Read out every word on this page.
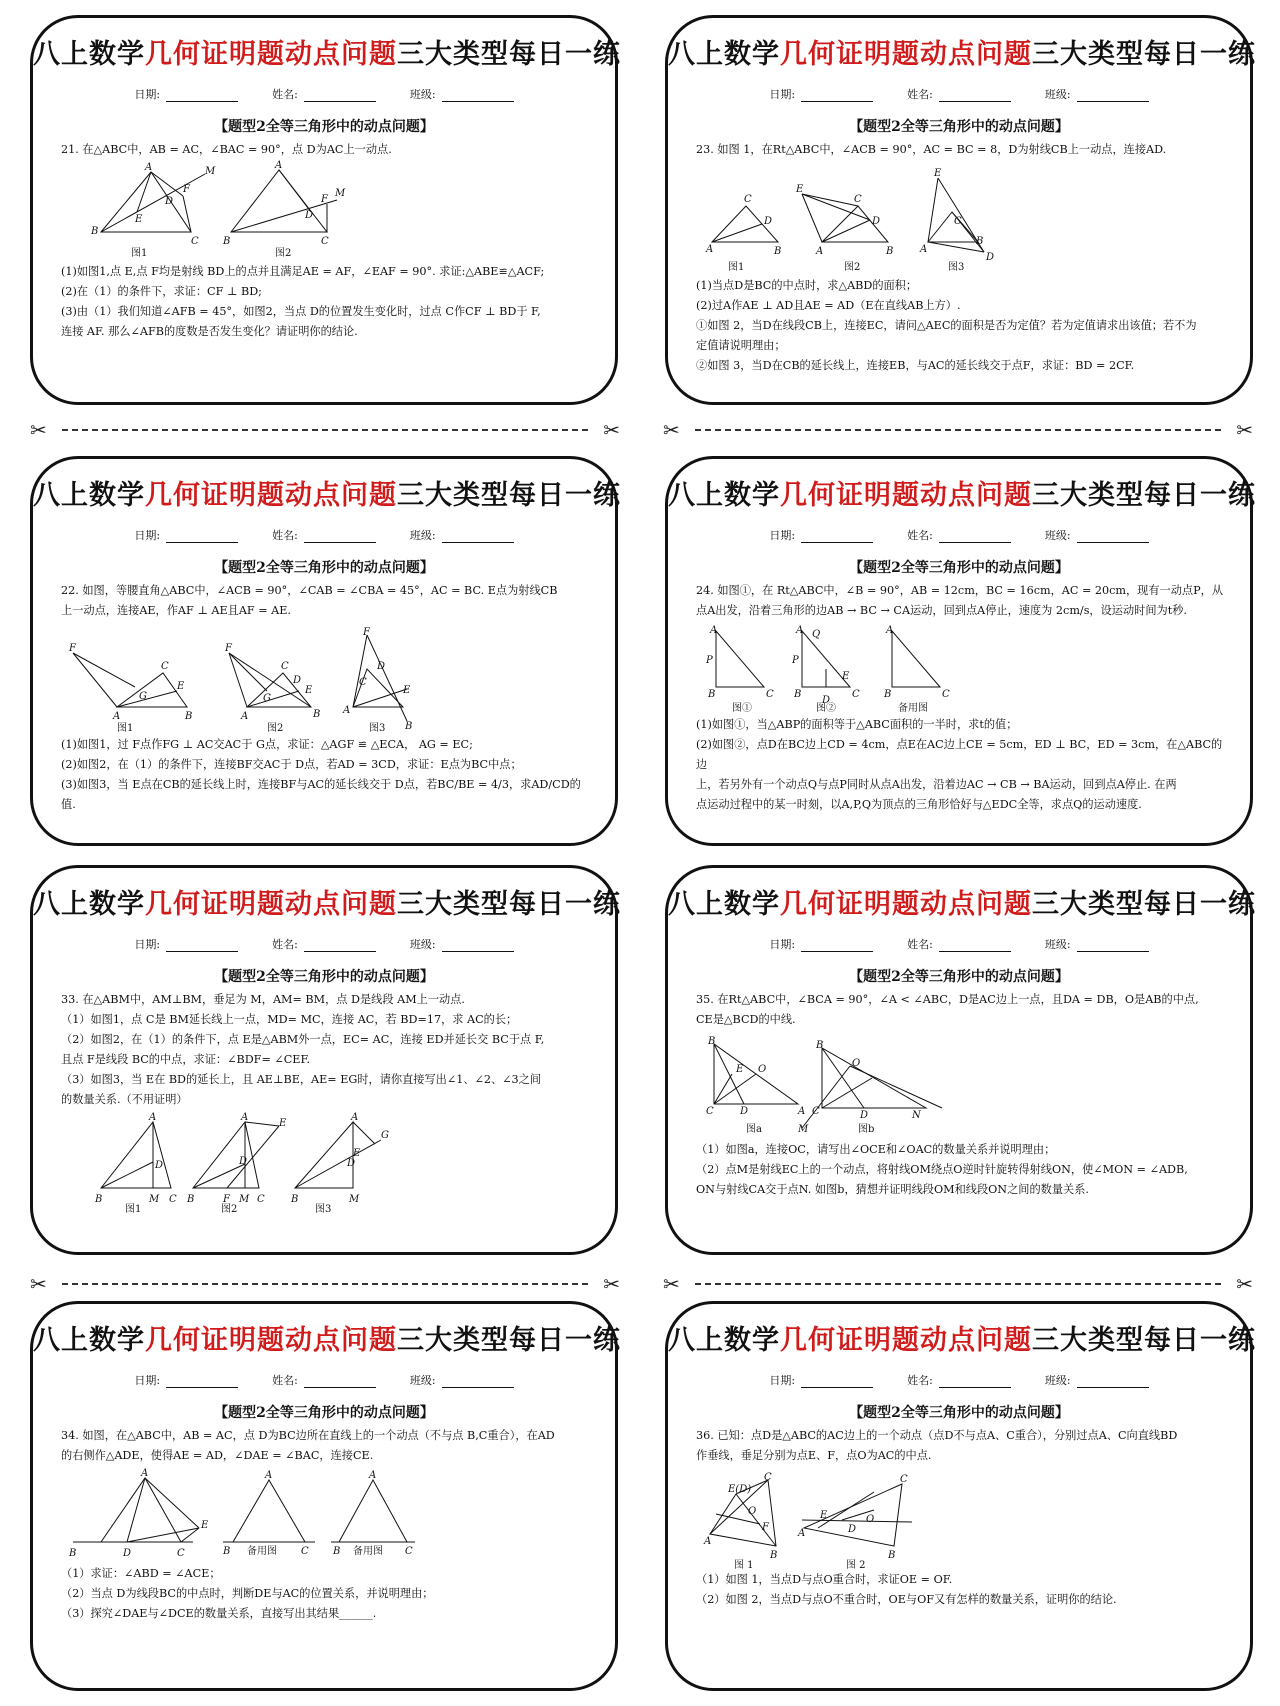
八上数学几何证明题动点问题三大类型每日一练
日期:	姓名:	班级:
【题型2全等三角形中的动点问题】

21. 在△ABC中，AB = AC，∠BAC = 90°，点 D为AC上一动点.

A
B
C
D
E
F
M
A
B	C
D
F
M
图1	图2

(1)如图1,点 E,点 F均是射线 BD上的点并且满足AE = AF，∠EAF = 90°. 求证:△ABE≌△ACF;

(2)在（1）的条件下，求证：CF ⊥ BD;

(3)由（1）我们知道∠AFB = 45°，如图2，当点 D的位置发生变化时，过点 C作CF ⊥ BD于 F,

连接 AF. 那么∠AFB的度数是否发生变化？请证明你的结论.

八上数学几何证明题动点问题三大类型每日一练
日期:	姓名:	班级:
【题型2全等三角形中的动点问题】

23. 如图 1，在Rt△ABC中，∠ACB = 90°，AC = BC = 8，D为射线CB上一动点，连接AD.

A
C
B
D
E
A
C
D
B
E
A
C
B
D
图1	图2	图3

(1)当点D是BC的中点时，求△ABD的面积；

(2)过A作AE ⊥ AD且AE = AD（E在直线AB上方）.

①如图 2，当D在线段CB上，连接EC，请问△AEC的面积是否为定值？若为定值请求出该值；若不为

定值请说明理由；

②如图 3，当D在CB的延长线上，连接EB，与AC的延长线交于点F，求证：BD = 2CF.

✂	✂ ✂	✂
八上数学几何证明题动点问题三大类型每日一练
日期:	姓名:	班级:
【题型2全等三角形中的动点问题】

22. 如图，等腰直角△ABC中，∠ACB = 90°，∠CAB = ∠CBA = 45°，AC = BC. E点为射线CB

上一动点，连接AE，作AF ⊥ AE且AF = AE.

F
A
C
G
E
B
F
A
C
G
D
E
B
F
A
C
D
E
B
图1	图2	图3

(1)如图1，过 F点作FG ⊥ AC交AC于 G点，求证：△AGF ≌ △ECA， AG = EC;

(2)如图2，在（1）的条件下，连接BF交AC于 D点，若AD = 3CD，求证：E点为BC中点；

(3)如图3，当 E点在CB的延长线上时，连接BF与AC的延长线交于 D点，若BC/BE = 4/3，求AD/CD的值.

八上数学几何证明题动点问题三大类型每日一练
日期:	姓名:	班级:
【题型2全等三角形中的动点问题】

24. 如图①，在 Rt△ABC中，∠B = 90°，AB = 12cm，BC = 16cm，AC = 20cm，现有一动点P，从

点A出发，沿着三角形的边AB → BC → CA运动，回到点A停止，速度为 2cm/s，设运动时间为t秒.

A
P
B	C
A Q
P
B
E
D
C
A
B	C
图①	图②	备用图

(1)如图①，当△ABP的面积等于△ABC面积的一半时，求t的值；

(2)如图②，点D在BC边上CD = 4cm，点E在AC边上CE = 5cm，ED ⊥ BC，ED = 3cm，在△ABC的边

上，若另外有一个动点Q与点P同时从点A出发，沿着边AC → CB → BA运动，回到点A停止. 在两

点运动过程中的某一时刻，以A,P,Q为顶点的三角形恰好与△EDC全等，求点Q的运动速度.

八上数学几何证明题动点问题三大类型每日一练
日期:	姓名:	班级:
【题型2全等三角形中的动点问题】

33. 在△ABM中，AM⊥BM，垂足为 M，AM= BM，点 D是线段 AM上一动点.

（1）如图1，点 C是 BM延长线上一点，MD= MC，连接 AC，若 BD=17，求 AC的长；

（2）如图2，在（1）的条件下，点 E是△ABM外一点，EC= AC，连接 ED并延长交 BC于点 F,

且点 F是线段 BC的中点，求证：∠BDF= ∠CEF.

（3）如图3，当 E在 BD的延长上，且 AE⊥BE，AE= EG时，请你直接写出∠1、∠2、∠3之间

的数量关系.（不用证明）

A
D
B	M C
A
E
D
B	F M C
A
G
E
D
B	M
图1	图2	图3
八上数学几何证明题动点问题三大类型每日一练
日期:	姓名:	班级:
【题型2全等三角形中的动点问题】

35. 在Rt△ABC中，∠BCA = 90°，∠A < ∠ABC，D是AC边上一点，且DA = DB，O是AB的中点,

CE是△BCD的中线.

B
E O
C	D	A
B
O
C	D	N
M
图a	图b

（1）如图a，连接OC，请写出∠OCE和∠OAC的数量关系并说明理由；

（2）点M是射线EC上的一个动点，将射线OM绕点O逆时针旋转得射线ON，使∠MON = ∠ADB,

ON与射线CA交于点N. 如图b，猜想并证明线段OM和线段ON之间的数量关系.

✂	✂ ✂	✂
八上数学几何证明题动点问题三大类型每日一练
日期:	姓名:	班级:
【题型2全等三角形中的动点问题】

34. 如图，在△ABC中，AB = AC，点 D为BC边所在直线上的一个动点（不与点 B,C重合），在AD

的右侧作△ADE，使得AE = AD，∠DAE = ∠BAC，连接CE.

A
E
B	D	C
A
B	C
A
B	C
备用图	备用图

（1）求证：∠ABD = ∠ACE；

（2）当点 D为线段BC的中点时，判断DE与AC的位置关系，并说明理由；

（3）探究∠DAE与∠DCE的数量关系，直接写出其结果______.

八上数学几何证明题动点问题三大类型每日一练
日期:	姓名:	班级:
【题型2全等三角形中的动点问题】

36. 已知：点D是△ABC的AC边上的一个动点（点D不与点A、C重合），分别过点A、C向直线BD

作垂线，垂足分别为点E、F，点O为AC的中点.

C
E(D)
O
A
B
F
C
E
A
O
D
B
图 1	图 2

（1）如图 1，当点D与点O重合时，求证OE = OF.

（2）如图 2，当点D与点O不重合时，OE与OF又有怎样的数量关系，证明你的结论.
